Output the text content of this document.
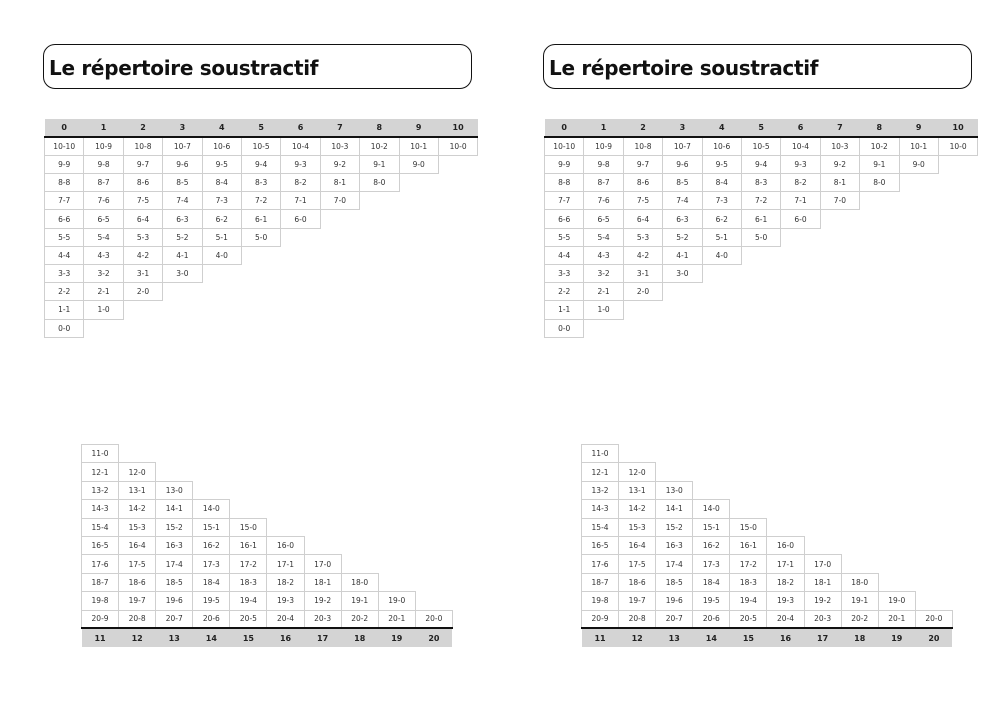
Le répertoire soustractif
0	1	2	3	4	5	6	7	8	9	10
10-10	10-9	10-8	10-7	10-6	10-5	10-4	10-3	10-2	10-1	10-0
9-9	9-8	9-7	9-6	9-5	9-4	9-3	9-2	9-1	9-0	
8-8	8-7	8-6	8-5	8-4	8-3	8-2	8-1	8-0		
7-7	7-6	7-5	7-4	7-3	7-2	7-1	7-0			
6-6	6-5	6-4	6-3	6-2	6-1	6-0				
5-5	5-4	5-3	5-2	5-1	5-0					
4-4	4-3	4-2	4-1	4-0						
3-3	3-2	3-1	3-0							
2-2	2-1	2-0								
1-1	1-0									
0-0										
11-0									
12-1	12-0								
13-2	13-1	13-0							
14-3	14-2	14-1	14-0						
15-4	15-3	15-2	15-1	15-0					
16-5	16-4	16-3	16-2	16-1	16-0				
17-6	17-5	17-4	17-3	17-2	17-1	17-0			
18-7	18-6	18-5	18-4	18-3	18-2	18-1	18-0		
19-8	19-7	19-6	19-5	19-4	19-3	19-2	19-1	19-0	
20-9	20-8	20-7	20-6	20-5	20-4	20-3	20-2	20-1	20-0
11	12	13	14	15	16	17	18	19	20
Le répertoire soustractif
0	1	2	3	4	5	6	7	8	9	10
10-10	10-9	10-8	10-7	10-6	10-5	10-4	10-3	10-2	10-1	10-0
9-9	9-8	9-7	9-6	9-5	9-4	9-3	9-2	9-1	9-0	
8-8	8-7	8-6	8-5	8-4	8-3	8-2	8-1	8-0		
7-7	7-6	7-5	7-4	7-3	7-2	7-1	7-0			
6-6	6-5	6-4	6-3	6-2	6-1	6-0				
5-5	5-4	5-3	5-2	5-1	5-0					
4-4	4-3	4-2	4-1	4-0						
3-3	3-2	3-1	3-0							
2-2	2-1	2-0								
1-1	1-0									
0-0										
11-0									
12-1	12-0								
13-2	13-1	13-0							
14-3	14-2	14-1	14-0						
15-4	15-3	15-2	15-1	15-0					
16-5	16-4	16-3	16-2	16-1	16-0				
17-6	17-5	17-4	17-3	17-2	17-1	17-0			
18-7	18-6	18-5	18-4	18-3	18-2	18-1	18-0		
19-8	19-7	19-6	19-5	19-4	19-3	19-2	19-1	19-0	
20-9	20-8	20-7	20-6	20-5	20-4	20-3	20-2	20-1	20-0
11	12	13	14	15	16	17	18	19	20
